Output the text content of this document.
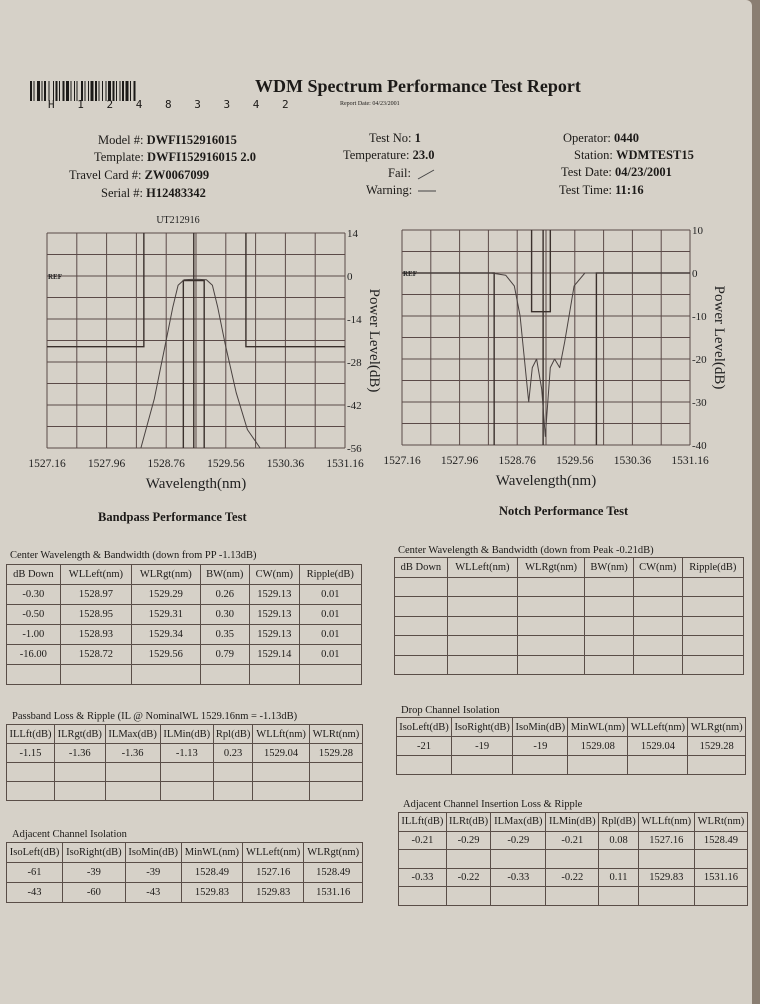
H 1 2 4 8 3 3 4 2
WDM Spectrum Performance Test Report
Report Date: 04/23/2001
Model #: DWFI152916015
Template: DWFI152916015 2.0
Travel Card #: ZW0067099
Serial #: H12483342
Test No: 1
Temperature: 23.0
Fail:
Warning:
Operator: 0440
Station: WDMTEST15
Test Date: 04/23/2001
Test Time: 11:16
REF
14
0
-14
-28
-42
-56
1527.16 1527.96 1528.76 1529.56 1530.36 1531.16
Wavelength(nm)
Power Level(dB)
UT212916
REF
10
0
-10
-20
-30
-40
1527.16 1527.96 1528.76 1529.56 1530.36 1531.16
Wavelength(nm)
Power Level(dB)
Bandpass Performance Test	Notch Performance Test
Center Wavelength & Bandwidth (down from PP -1.13dB)
dB Down	WLLeft(nm)	WLRgt(nm)	BW(nm)	CW(nm)	Ripple(dB)
-0.30	1528.97	1529.29	0.26	1529.13	0.01
-0.50	1528.95	1529.31	0.30	1529.13	0.01
-1.00	1528.93	1529.34	0.35	1529.13	0.01
-16.00	1528.72	1529.56	0.79	1529.14	0.01

Center Wavelength & Bandwidth (down from Peak -0.21dB)
dB Down	WLLeft(nm)	WLRgt(nm)	BW(nm)	CW(nm)	Ripple(dB)

Passband Loss & Ripple (IL @ NominalWL 1529.16nm = -1.13dB)
ILLft(dB)	ILRgt(dB)	ILMax(dB)	ILMin(dB)	Rpl(dB)	WLLft(nm)	WLRt(nm)
-1.15	-1.36	-1.36	-1.13	0.23	1529.04	1529.28

Drop Channel Isolation
IsoLeft(dB)	IsoRight(dB)	IsoMin(dB)	MinWL(nm)	WLLeft(nm)	WLRgt(nm)
-21	-19	-19	1529.08	1529.04	1529.28

Adjacent Channel Isolation
IsoLeft(dB)	IsoRight(dB)	IsoMin(dB)	MinWL(nm)	WLLeft(nm)	WLRgt(nm)
-61	-39	-39	1528.49	1527.16	1528.49
-43	-60	-43	1529.83	1529.83	1531.16
Adjacent Channel Insertion Loss & Ripple
ILLft(dB)	ILRt(dB)	ILMax(dB)	ILMin(dB)	Rpl(dB)	WLLft(nm)	WLRt(nm)
-0.21	-0.29	-0.29	-0.21	0.08	1527.16	1528.49

-0.33	-0.22	-0.33	-0.22	0.11	1529.83	1531.16
